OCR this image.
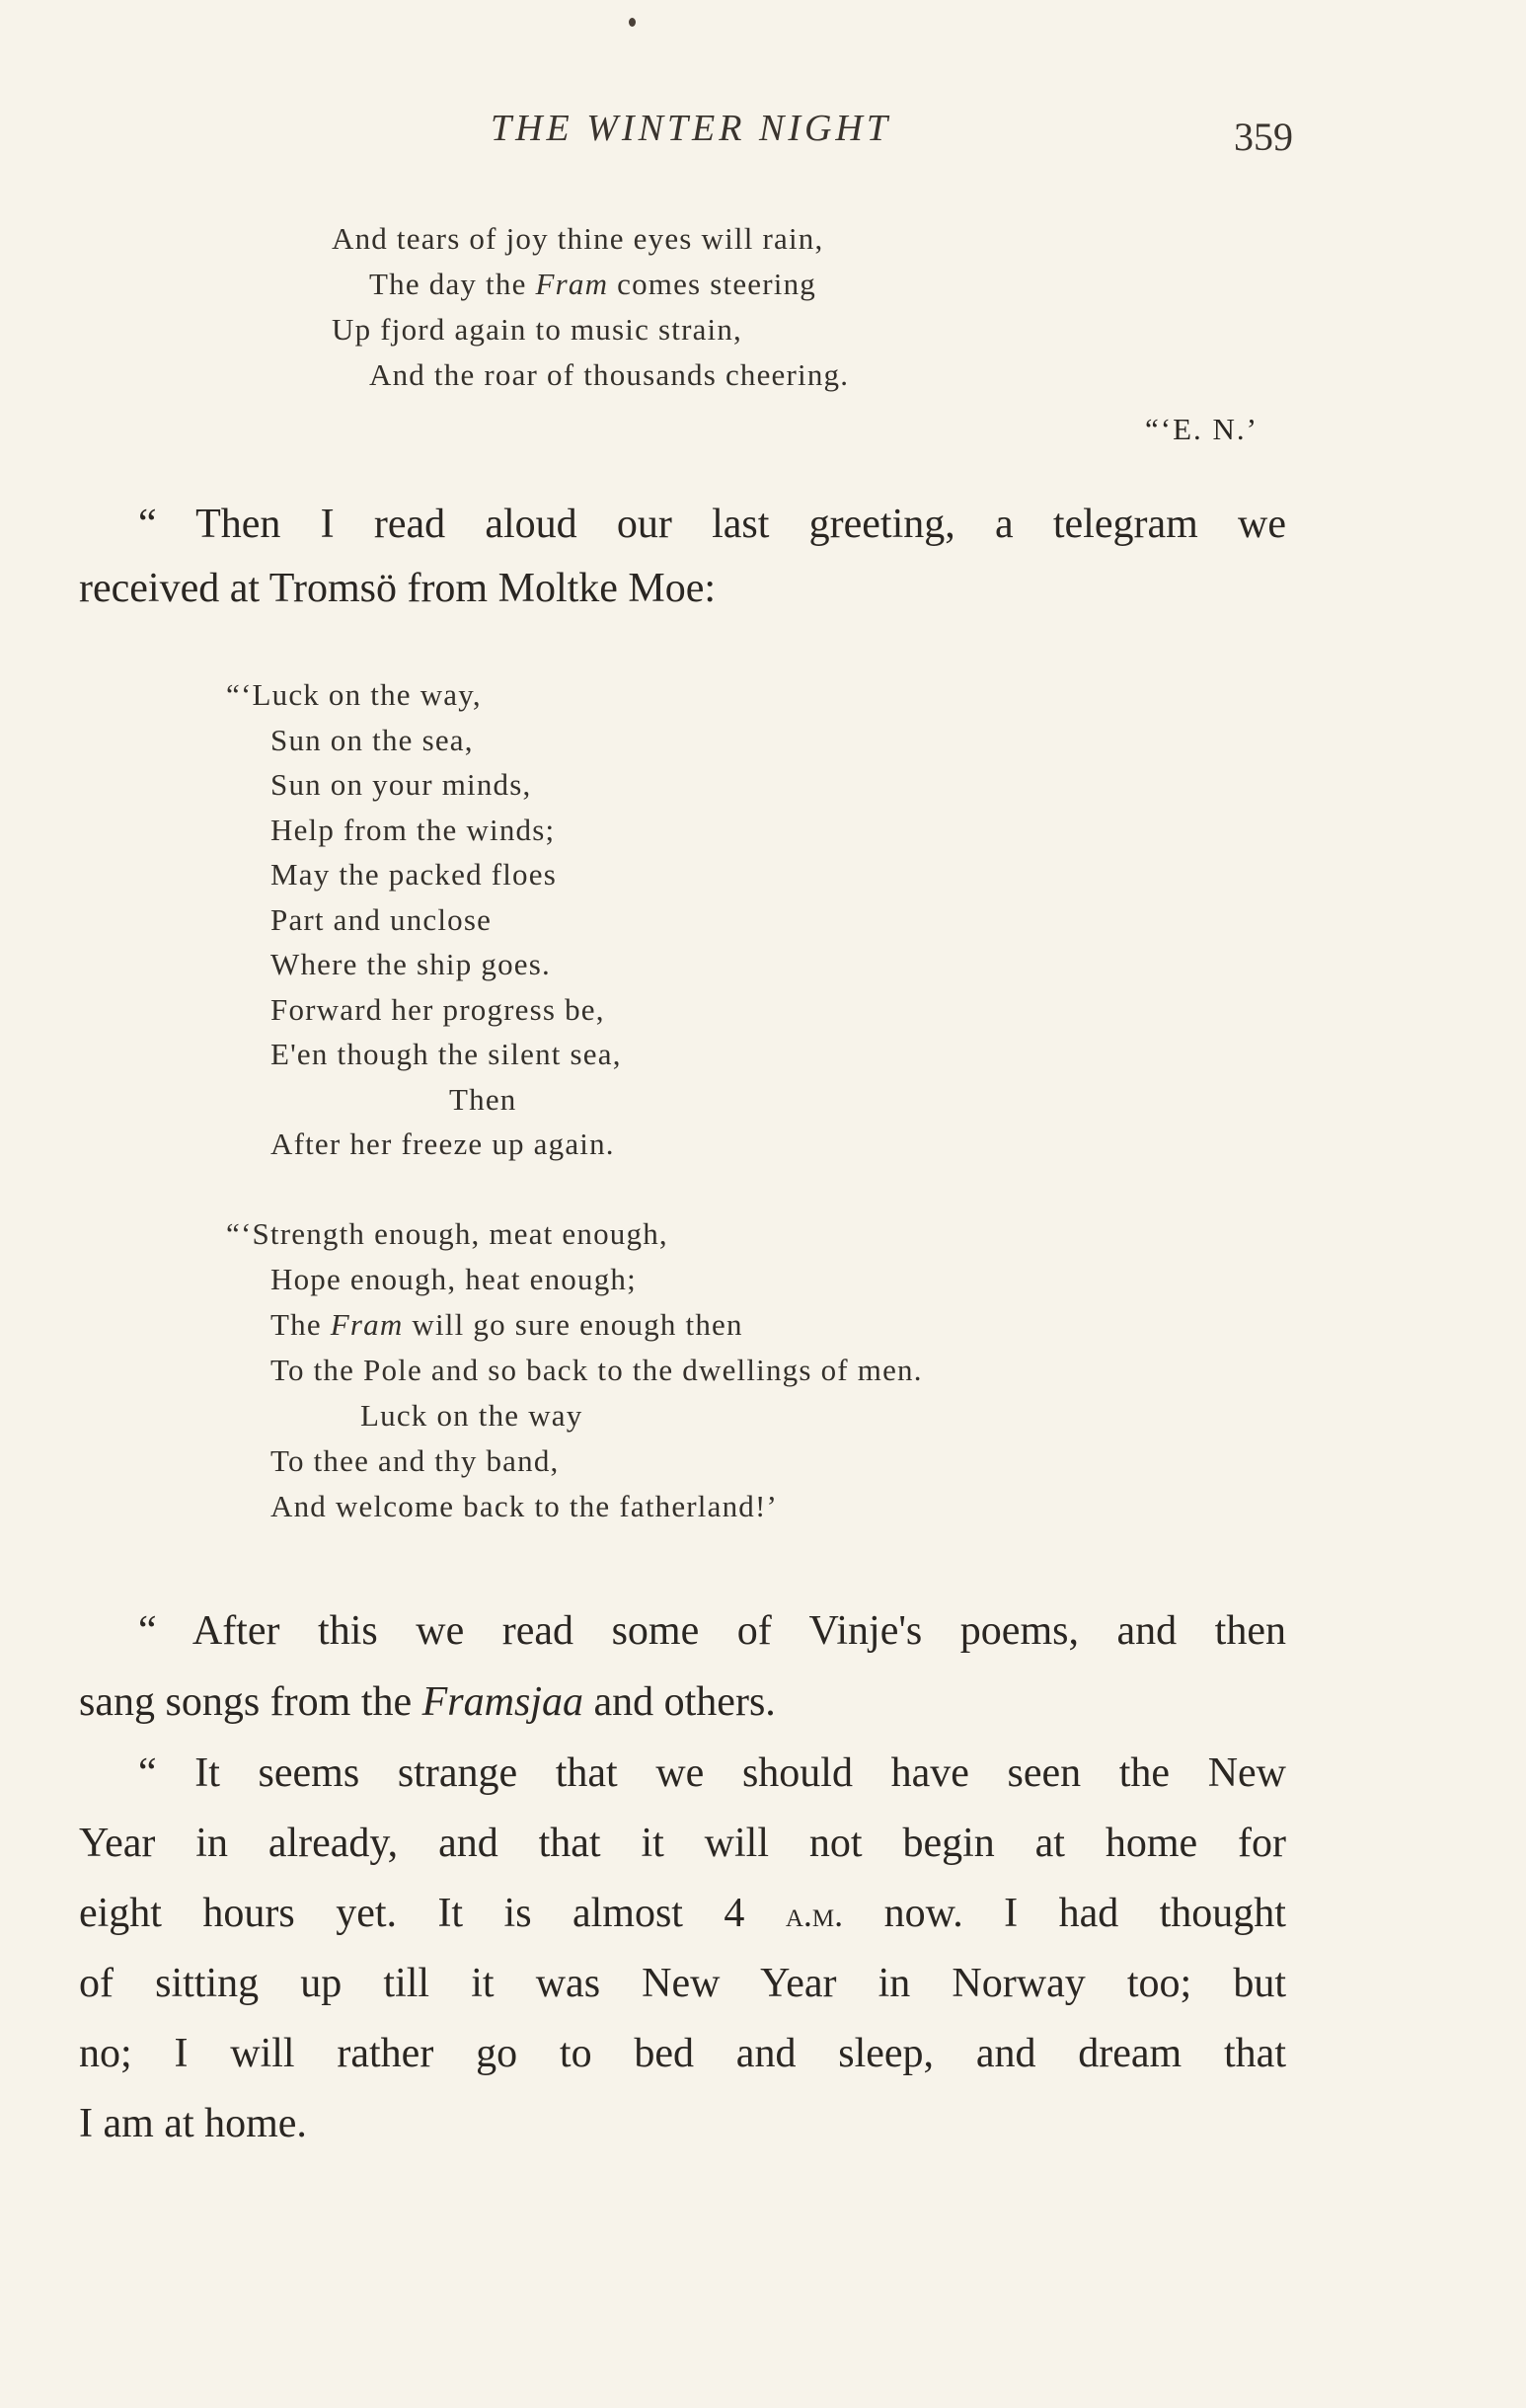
THE WINTER NIGHT	359
And tears of joy thine eyes will rain,
The day the Fram comes steering
Up fjord again to music strain,
And the roar of thousands cheering.
“‘E. N.’
“ Then I read aloud our last greeting, a telegram we
received at Tromsö from Moltke Moe:
“‘Luck on the way,
Sun on the sea,
Sun on your minds,
Help from the winds;
May the packed floes
Part and unclose
Where the ship goes.
Forward her progress be,
E'en though the silent sea,
Then
After her freeze up again.
“‘Strength enough, meat enough,
Hope enough, heat enough;
The Fram will go sure enough then
To the Pole and so back to the dwellings of men.
Luck on the way
To thee and thy band,
And welcome back to the fatherland!’
“ After this we read some of Vinje's poems, and then
sang songs from the Framsjaa and others.
“ It seems strange that we should have seen the New
Year in already, and that it will not begin at home for
eight hours yet. It is almost 4 a.m. now. I had thought
of sitting up till it was New Year in Norway too; but
no; I will rather go to bed and sleep, and dream that
I am at home.
